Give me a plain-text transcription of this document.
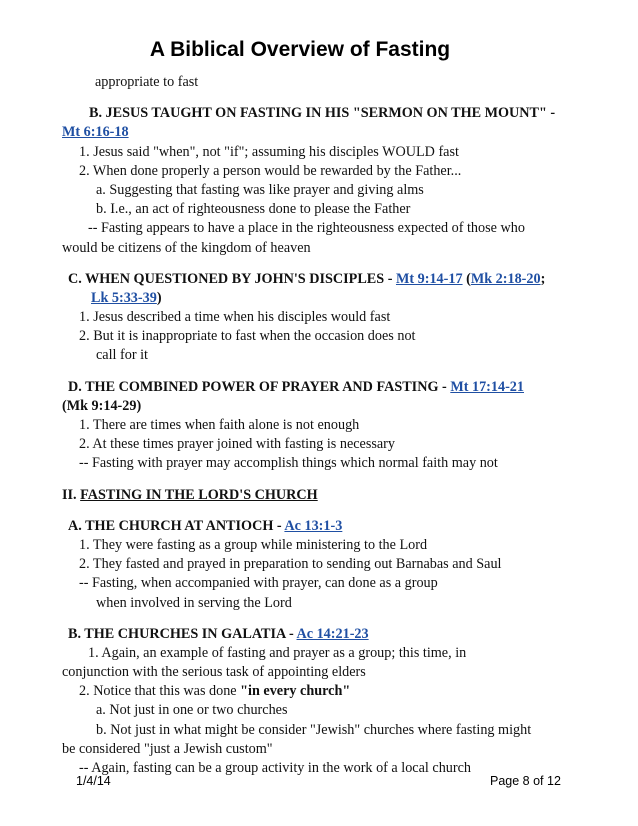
A Biblical Overview of Fasting
appropriate to fast
B. JESUS TAUGHT ON FASTING IN HIS "SERMON ON THE MOUNT" -
Mt 6:16-18
1. Jesus said "when", not "if"; assuming his disciples WOULD fast
2. When done properly a person would be rewarded by the Father...
a. Suggesting that fasting was like prayer and giving alms
b. I.e., an act of righteousness done to please the Father
-- Fasting appears to have a place in the righteousness expected of those who
would be citizens of the kingdom of heaven
C. WHEN QUESTIONED BY JOHN'S DISCIPLES - Mt 9:14-17 (Mk 2:18-20;
Lk 5:33-39)
1. Jesus described a time when his disciples would fast
2. But it is inappropriate to fast when the occasion does not
call for it
D. THE COMBINED POWER OF PRAYER AND FASTING - Mt 17:14-21
(Mk 9:14-29)
1. There are times when faith alone is not enough
2. At these times prayer joined with fasting is necessary
-- Fasting with prayer may accomplish things which normal faith may not
II. FASTING IN THE LORD'S CHURCH
A. THE CHURCH AT ANTIOCH - Ac 13:1-3
1. They were fasting as a group while ministering to the Lord
2. They fasted and prayed in preparation to sending out Barnabas and Saul
-- Fasting, when accompanied with prayer, can done as a group
when involved in serving the Lord
B. THE CHURCHES IN GALATIA - Ac 14:21-23
1. Again, an example of fasting and prayer as a group; this time, in
conjunction with the serious task of appointing elders
2. Notice that this was done "in every church"
a. Not just in one or two churches
b. Not just in what might be consider "Jewish" churches where fasting might
be considered "just a Jewish custom"
-- Again, fasting can be a group activity in the work of a local church
1/4/14	Page 8 of 12
